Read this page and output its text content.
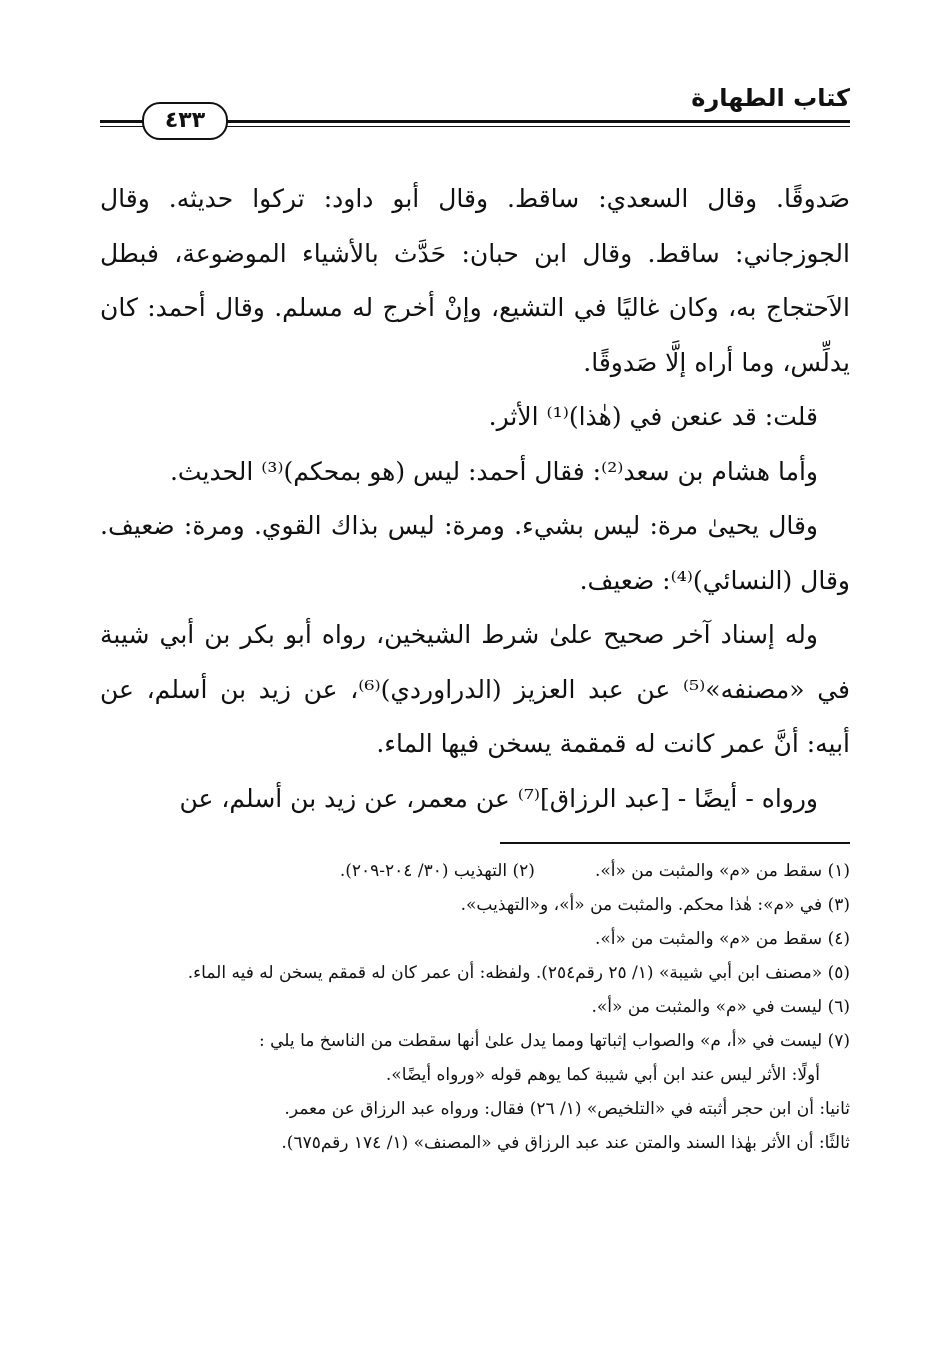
كتاب الطهارة
٤٣٣

صَدوقًا. وقال السعدي: ساقط. وقال أبو داود: تركوا حديثه. وقال الجوزجاني: ساقط. وقال ابن حبان: حَدَّث بالأشياء الموضوعة، فبطل الاَحتجاج به، وكان غاليًا في التشيع، وإنْ أخرج له مسلم. وقال أحمد: كان يدلِّس، وما أراه إلَّا صَدوقًا.

قلت: قد عنعن في (هٰذا)⁽¹⁾ الأثر.

وأما هشام بن سعد⁽²⁾: فقال أحمد: ليس (هو بمحكم)⁽³⁾ الحديث.

وقال يحيىٰ مرة: ليس بشيء. ومرة: ليس بذاك القوي. ومرة: ضعيف. وقال (النسائي)⁽⁴⁾: ضعيف.

وله إسناد آخر صحيح علىٰ شرط الشيخين، رواه أبو بكر بن أبي شيبة في «مصنفه»⁽⁵⁾ عن عبد العزيز (الدراوردي)⁽⁶⁾، عن زيد بن أسلم، عن أبيه: أنَّ عمر كانت له قمقمة يسخن فيها الماء.

ورواه - أيضًا - [عبد الرزاق]⁽⁷⁾ عن معمر، عن زيد بن أسلم، عن

(١) سقط من «م» والمثبت من «أ».

(٢) التهذيب (٣٠/ ٢٠٤-٢٠٩).

(٣) في «م»: هٰذا محكم. والمثبت من «أ»، و«التهذيب».

(٤) سقط من «م» والمثبت من «أ».

(٥) «مصنف ابن أبي شيبة» (١/ ٢٥ رقم٢٥٤). ولفظه: أن عمر كان له قمقم يسخن له فيه الماء.

(٦) ليست في «م» والمثبت من «أ».

(٧) ليست في «أ، م» والصواب إثباتها ومما يدل علىٰ أنها سقطت من الناسخ ما يلي :

أولًا: الأثر ليس عند ابن أبي شيبة كما يوهم قوله «ورواه أيضًا».

ثانيا: أن ابن حجر أثبته في «التلخيص» (١/ ٢٦) فقال: ورواه عبد الرزاق عن معمر.

ثالثًا: أن الأثر بهٰذا السند والمتن عند عبد الرزاق في «المصنف» (١/ ١٧٤ رقم٦٧٥).
